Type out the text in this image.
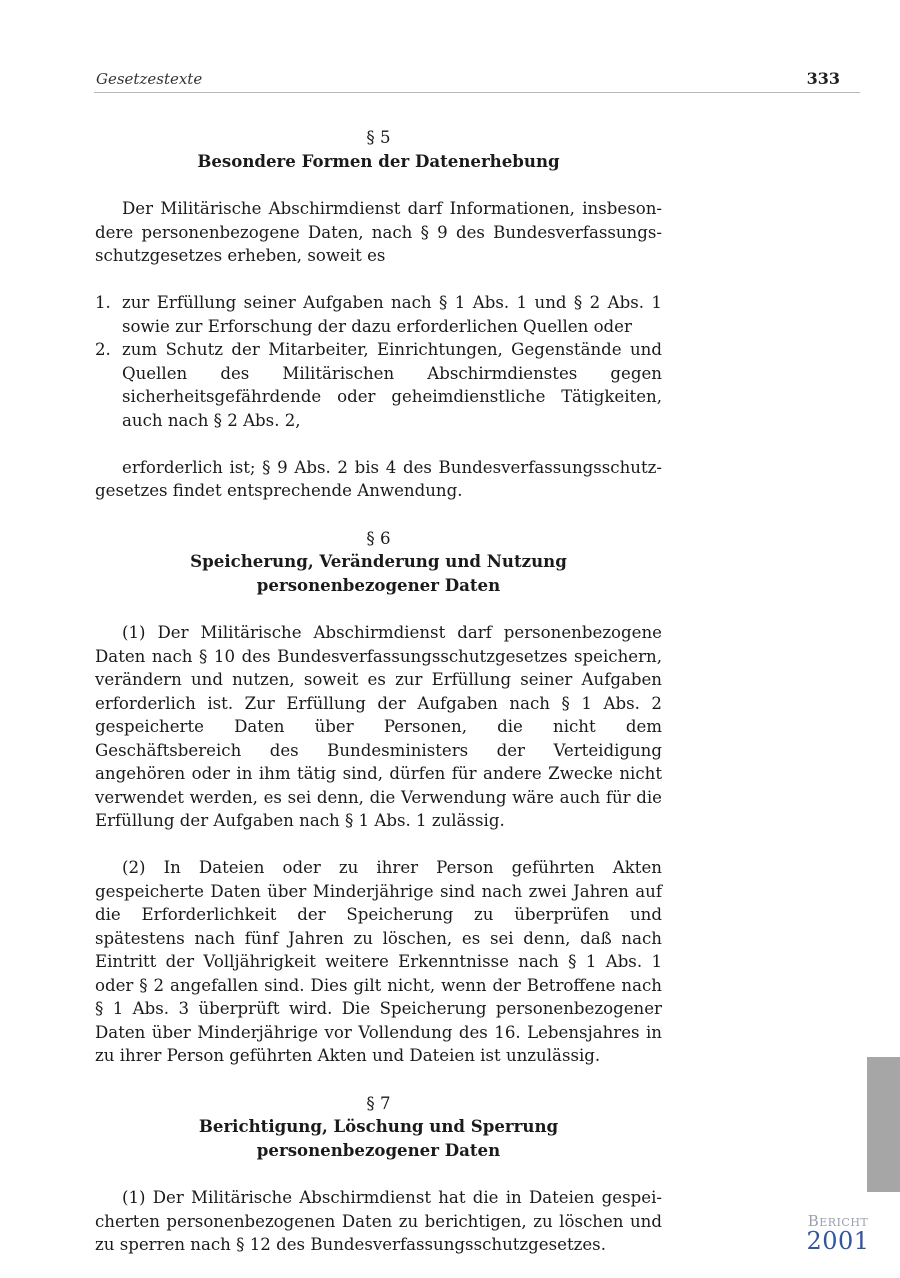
Gesetzestexte	333
§ 5
Besondere Formen der Datenerhebung

Der Militärische Abschirmdienst darf Informationen, insbesondere personenbezogene Daten, nach § 9 des Bundesverfassungsschutzgesetzes erheben, soweit es

1. zur Erfüllung seiner Aufgaben nach § 1 Abs. 1 und § 2 Abs. 1 sowie zur Erforschung der dazu erforderlichen Quellen oder
2. zum Schutz der Mitarbeiter, Einrichtungen, Gegenstände und Quellen des Militärischen Abschirmdienstes gegen sicherheitsgefährdende oder geheimdienstliche Tätigkeiten, auch nach § 2 Abs. 2,

erforderlich ist; § 9 Abs. 2 bis 4 des Bundesverfassungsschutzgesetzes findet entsprechende Anwendung.

§ 6
Speicherung, Veränderung und Nutzung
personenbezogener Daten

(1) Der Militärische Abschirmdienst darf personenbezogene Daten nach § 10 des Bundesverfassungsschutzgesetzes speichern, verändern und nutzen, soweit es zur Erfüllung seiner Aufgaben erforderlich ist. Zur Erfüllung der Aufgaben nach § 1 Abs. 2 gespeicherte Daten über Personen, die nicht dem Geschäftsbereich des Bundesministers der Verteidigung angehören oder in ihm tätig sind, dürfen für andere Zwecke nicht verwendet werden, es sei denn, die Verwendung wäre auch für die Erfüllung der Aufgaben nach § 1 Abs. 1 zulässig.

(2) In Dateien oder zu ihrer Person geführten Akten gespeicherte Daten über Minderjährige sind nach zwei Jahren auf die Erforderlichkeit der Speicherung zu überprüfen und spätestens nach fünf Jahren zu löschen, es sei denn, daß nach Eintritt der Volljährigkeit weitere Erkenntnisse nach § 1 Abs. 1 oder § 2 angefallen sind. Dies gilt nicht, wenn der Betroffene nach § 1 Abs. 3 überprüft wird. Die Speicherung personenbezogener Daten über Minderjährige vor Vollendung des 16. Lebensjahres in zu ihrer Person geführten Akten und Dateien ist unzulässig.

§ 7
Berichtigung, Löschung und Sperrung
personenbezogener Daten

(1) Der Militärische Abschirmdienst hat die in Dateien gespeicherten personenbezogenen Daten zu berichtigen, zu löschen und zu sperren nach § 12 des Bundesverfassungsschutzgesetzes.

Bericht
2001
